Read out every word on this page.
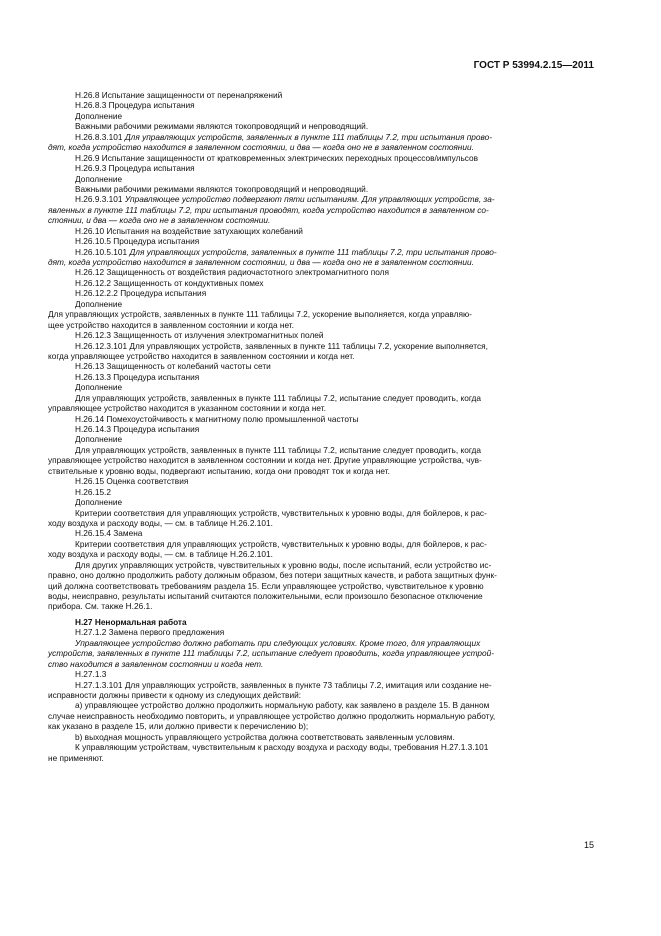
ГОСТ Р 53994.2.15—2011
Н.26.8 Испытание защищенности от перенапряжений
Н.26.8.3 Процедура испытания
Дополнение
Важными рабочими режимами являются токопроводящий и непроводящий.
Н.26.8.3.101 Для управляющих устройств, заявленных в пункте 111 таблицы 7.2, три испытания прово-
дят, когда устройство находится в заявленном состоянии, и два — когда оно не в заявленном состоянии.
Н.26.9 Испытание защищенности от кратковременных электрических переходных процессов/импульсов
Н.26.9.3 Процедура испытания
Дополнение
Важными рабочими режимами являются токопроводящий и непроводящий.
Н.26.9.3.101 Управляющее устройство подвергают пяти испытаниям. Для управляющих устройств, за-
явленных в пункте 111 таблицы 7.2, три испытания проводят, когда устройство находится в заявленном со-
стоянии, и два — когда оно не в заявленном состоянии.
Н.26.10 Испытания на воздействие затухающих колебаний
Н.26.10.5 Процедура испытания
Н.26.10.5.101 Для управляющих устройств, заявленных в пункте 111 таблицы 7.2, три испытания прово-
дят, когда устройство находится в заявленном состоянии, и два — когда оно не в заявленном состоянии.
Н.26.12 Защищенность от воздействия радиочастотного электромагнитного поля
Н.26.12.2 Защищенность от кондуктивных помех
Н.26.12.2.2 Процедура испытания
Дополнение
Для управляющих устройств, заявленных в пункте 111 таблицы 7.2, ускорение выполняется, когда управляю-
щее устройство находится в заявленном состоянии и когда нет.
Н.26.12.3 Защищенность от излучения электромагнитных полей
Н.26.12.3.101 Для управляющих устройств, заявленных в пункте 111 таблицы 7.2, ускорение выполняется,
когда управляющее устройство находится в заявленном состоянии и когда нет.
Н.26.13 Защищенность от колебаний частоты сети
Н.26.13.3 Процедура испытания
Дополнение
Для управляющих устройств, заявленных в пункте 111 таблицы 7.2, испытание следует проводить, когда
управляющее устройство находится в указанном состоянии и когда нет.
Н.26.14 Помехоустойчивость к магнитному полю промышленной частоты
Н.26.14.3 Процедура испытания
Дополнение
Для управляющих устройств, заявленных в пункте 111 таблицы 7.2, испытание следует проводить, когда
управляющее устройство находится в заявленном состоянии и когда нет. Другие управляющие устройства, чув-
ствительные к уровню воды, подвергают испытанию, когда они проводят ток и когда нет.
Н.26.15 Оценка соответствия
Н.26.15.2
Дополнение
Критерии соответствия для управляющих устройств, чувствительных к уровню воды, для бойлеров, к рас-
ходу воздуха и расходу воды, — см. в таблице Н.26.2.101.
Н.26.15.4 Замена
Критерии соответствия для управляющих устройств, чувствительных к уровню воды, для бойлеров, к рас-
ходу воздуха и расходу воды, — см. в таблице Н.26.2.101.
Для других управляющих устройств, чувствительных к уровню воды, после испытаний, если устройство ис-
правно, оно должно продолжить работу должным образом, без потери защитных качеств, и работа защитных функ-
ций должна соответствовать требованиям раздела 15. Если управляющее устройство, чувствительное к уровню
воды, неисправно, результаты испытаний считаются положительными, если произошло безопасное отключение
прибора. См. также Н.26.1.
Н.27 Ненормальная работа
Н.27.1.2 Замена первого предложения
Управляющее устройство должно работать при следующих условиях. Кроме того, для управляющих
устройств, заявленных в пункте 111 таблицы 7.2, испытание следует проводить, когда управляющее устрой-
ство находится в заявленном состоянии и когда нет.
Н.27.1.3
Н.27.1.3.101 Для управляющих устройств, заявленных в пункте 73 таблицы 7.2, имитация или создание не-
исправности должны привести к одному из следующих действий:
а) управляющее устройство должно продолжить нормальную работу, как заявлено в разделе 15. В данном
случае неисправность необходимо повторить, и управляющее устройство должно продолжить нормальную работу,
как указано в разделе 15, или должно привести к перечислению b);
b) выходная мощность управляющего устройства должна соответствовать заявленным условиям.
К управляющим устройствам, чувствительным к расходу воздуха и расходу воды, требования Н.27.1.3.101
не применяют.
15
